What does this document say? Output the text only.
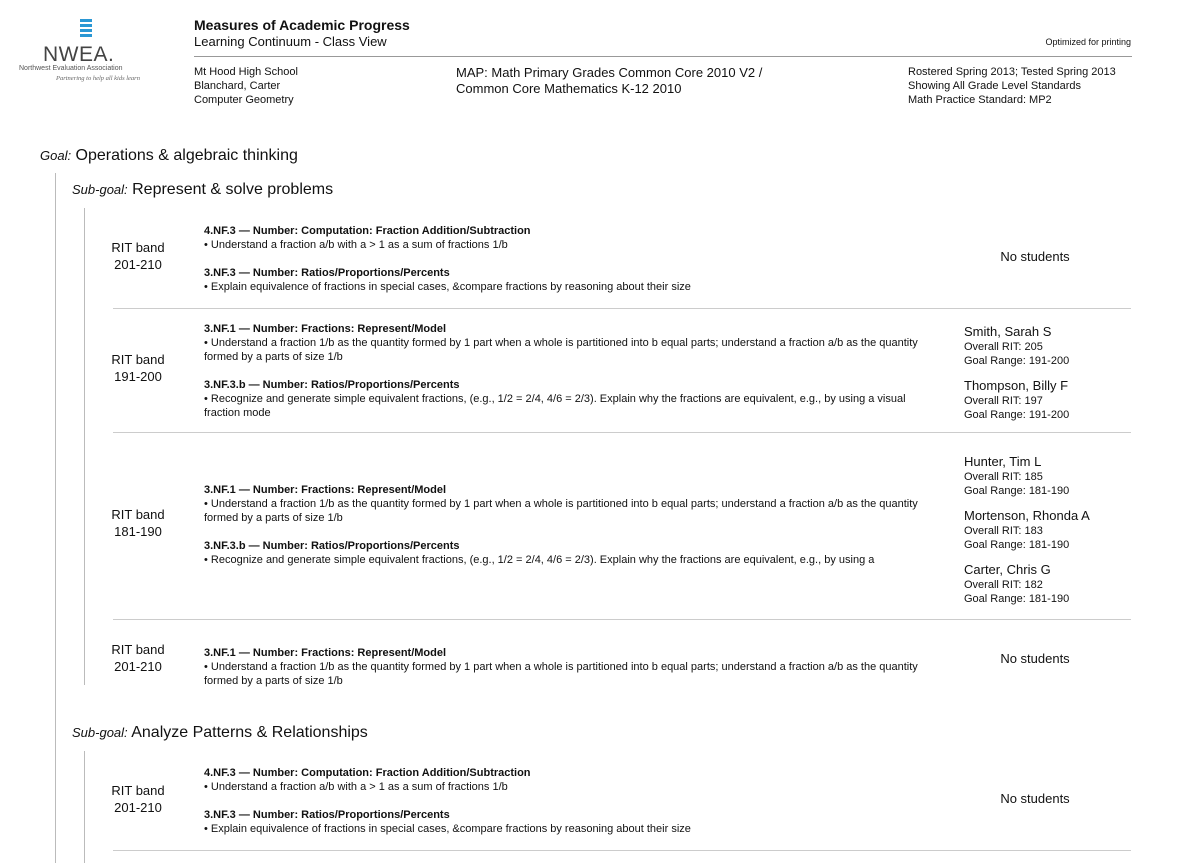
NWEA.
Northwest Evaluation Association
Partnering to help all kids learn
Measures of Academic Progress
Learning Continuum - Class View	Optimized for printing
Mt Hood High School
Blanchard, Carter
Computer Geometry
MAP: Math Primary Grades Common Core 2010 V2 /
Common Core Mathematics K-12 2010
Rostered Spring 2013; Tested Spring 2013
Showing All Grade Level Standards
Math Practice Standard: MP2
Goal: Operations & algebraic thinking
Sub-goal: Represent & solve problems
RIT band
201-210
4.NF.3 — Number: Computation: Fraction Addition/Subtraction
• Understand a fraction a/b with a > 1 as a sum of fractions 1/b
3.NF.3 — Number: Ratios/Proportions/Percents
• Explain equivalence of fractions in special cases, &compare fractions by reasoning about their size
No students
RIT band
191-200
3.NF.1 — Number: Fractions: Represent/Model
• Understand a fraction 1/b as the quantity formed by 1 part when a whole is partitioned into b equal parts; understand a fraction a/b as the quantity formed by a parts of size 1/b
3.NF.3.b — Number: Ratios/Proportions/Percents
• Recognize and generate simple equivalent fractions, (e.g., 1/2 = 2/4, 4/6 = 2/3). Explain why the fractions are equivalent, e.g., by using a visual fraction mode
Smith, Sarah S
Overall RIT: 205
Goal Range: 191-200
Thompson, Billy F
Overall RIT: 197
Goal Range: 191-200
RIT band
181-190
3.NF.1 — Number: Fractions: Represent/Model
• Understand a fraction 1/b as the quantity formed by 1 part when a whole is partitioned into b equal parts; understand a fraction a/b as the quantity formed by a parts of size 1/b
3.NF.3.b — Number: Ratios/Proportions/Percents
• Recognize and generate simple equivalent fractions, (e.g., 1/2 = 2/4, 4/6 = 2/3). Explain why the fractions are equivalent, e.g., by using a
Hunter, Tim L
Overall RIT: 185
Goal Range: 181-190
Mortenson, Rhonda A
Overall RIT: 183
Goal Range: 181-190
Carter, Chris G
Overall RIT: 182
Goal Range: 181-190
RIT band
201-210
3.NF.1 — Number: Fractions: Represent/Model
• Understand a fraction 1/b as the quantity formed by 1 part when a whole is partitioned into b equal parts; understand a fraction a/b as the quantity formed by a parts of size 1/b
No students
Sub-goal: Analyze Patterns & Relationships
RIT band
201-210
4.NF.3 — Number: Computation: Fraction Addition/Subtraction
• Understand a fraction a/b with a > 1 as a sum of fractions 1/b
3.NF.3 — Number: Ratios/Proportions/Percents
• Explain equivalence of fractions in special cases, &compare fractions by reasoning about their size
No students
